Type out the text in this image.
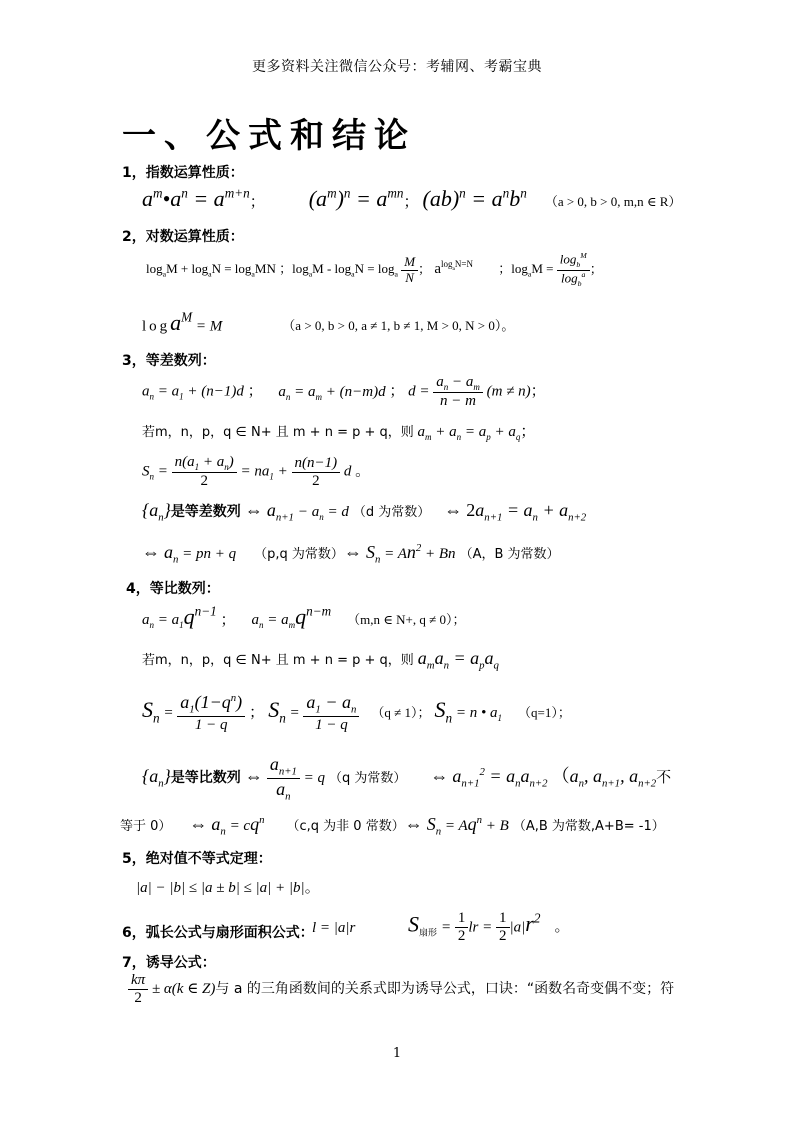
更多资料关注微信公众号：考辅网、考霸宝典
一、公式和结论
1，指数运算性质：
$a^m•a^n = a^{m+n}$； $(a^m)^n = a^{mn}$； $(ab)^n = a^nb^n$ （a > 0, b > 0, m,n ∈ R）
2，对数运算性质：
$\log_aM + \log_aN = \log_aMN$ ；$\log_aM - \log_aN = \log_a \frac{M}{N}$ ； $a^{log_aN=N}$ ；$\log_aM = \frac{\log_b^M}{\log_b^a}$ ；
loga$^M$ = M	（a > 0, b > 0, a ≠ 1, b ≠ 1, M > 0, N > 0）。
3，等差数列：
$a_n = a_1 + (n-1)d$ ； $a_n = a_m + (n-m)d$ ； $d = \frac{a_n - a_m}{n - m} (m \ne n)$；
若m，n，p，q ∈ N+ 且 m + n = p + q，则 $a_m + a_n = a_p + a_q$；
$S_n = \frac{n(a_1 + a_n)}{2} = na_1 + \frac{n(n-1)}{2}$ d 。
$\{a_n\}$是等差数列 ⇔ $a_{n+1} - a_n = d$ （d 为常数） ⇔ $2a_{n+1} = a_n + a_{n+2}$
⇔ $a_n$ = pn + q （p,q 为常数）⇔ $S_n = An^2 + Bn$ （A，B 为常数）
4，等比数列：
$a_n = a_1q^{n-1}$ ； $a_n = a_mq^{n-m}$ （m,n ∈ N+, q ≠ 0）；
若m，n，p，q ∈ N+ 且 m + n = p + q，则 $a_ma_n = a_pa_q$
$S_n = \frac{a_1(1-q^n)}{1 - q}$ ； $S_n = \frac{a_1 - a_n}{1 - q} (q \ne 1)$； $S_n = n$ • $a_1$ （q=1）；
$\{a_n\}$是等比数列 ⇔ $\frac{a_{n+1}}{a_n} = q$ （q 为常数） ⇔ $a_{n+1}^2 = a_na_{n+2}$ （$a_n$, $a_{n+1}$, $a_{n+2}$不
等于 0） ⇔ $a_n = cq^n$ （c,q 为非 0 常数）⇔ $S_n = Aq^n + B$ （A,B 为常数,A+B= -1）
5，绝对值不等式定理：
|a| − |b| ≤ |a ± b| ≤ |a| + |b|。
6，弧长公式与扇形面积公式：
l = |a|r $S_{扇形} = \frac{1}{2}$ lr = $\frac{1}{2} |a|r^2$ 。
7，诱导公式：
$\frac{k\pi}{2} \pm \alpha(k$ ∈ Z)与 a 的三角函数间的关系式即为诱导公式，口诀：“函数名奇变偶不变；符
1
